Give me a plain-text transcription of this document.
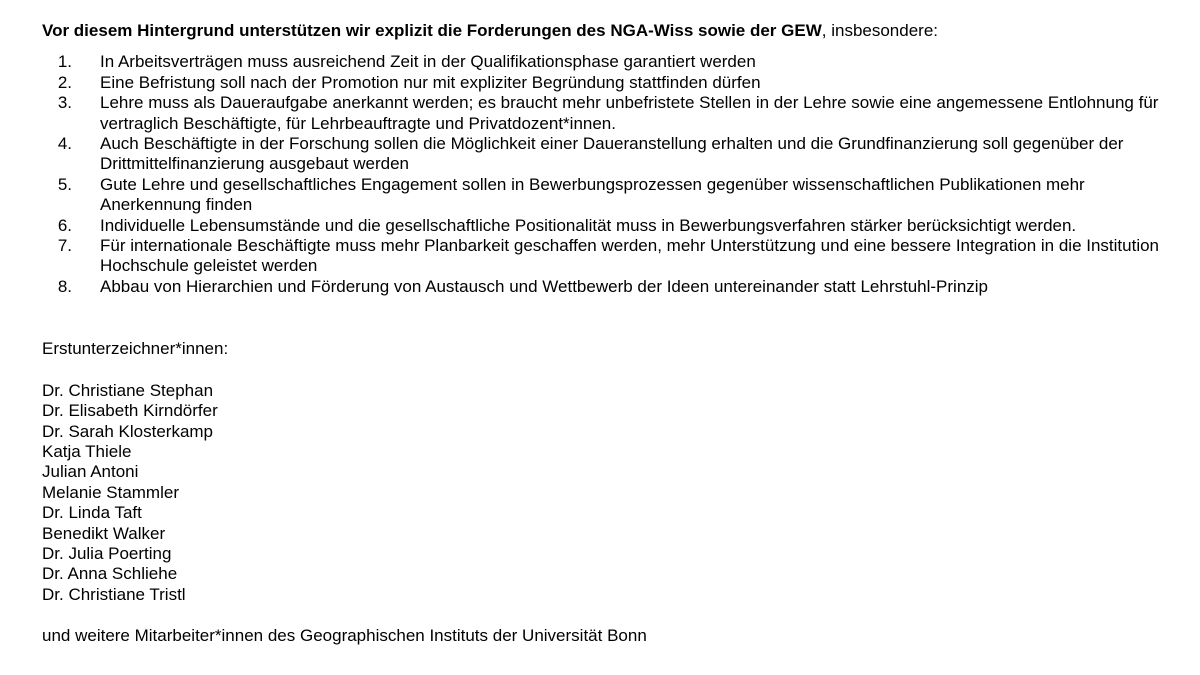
Vor diesem Hintergrund unterstützen wir explizit die Forderungen des NGA-Wiss sowie der GEW, insbesondere:

1. In Arbeitsverträgen muss ausreichend Zeit in der Qualifikationsphase garantiert werden
2. Eine Befristung soll nach der Promotion nur mit expliziter Begründung stattfinden dürfen
3. Lehre muss als Daueraufgabe anerkannt werden; es braucht mehr unbefristete Stellen in der Lehre sowie eine angemessene Entlohnung für vertraglich Beschäftigte, für Lehrbeauftragte und Privatdozent*innen.
4. Auch Beschäftigte in der Forschung sollen die Möglichkeit einer Daueranstellung erhalten und die Grundfinanzierung soll gegenüber der Drittmittelfinanzierung ausgebaut werden
5. Gute Lehre und gesellschaftliches Engagement sollen in Bewerbungsprozessen gegenüber wissenschaftlichen Publikationen mehr Anerkennung finden
6. Individuelle Lebensumstände und die gesellschaftliche Positionalität muss in Bewerbungsverfahren stärker berücksichtigt werden.
7. Für internationale Beschäftigte muss mehr Planbarkeit geschaffen werden, mehr Unterstützung und eine bessere Integration in die Institution Hochschule geleistet werden
8. Abbau von Hierarchien und Förderung von Austausch und Wettbewerb der Ideen untereinander statt Lehrstuhl-Prinzip

Erstunterzeichner*innen:

Dr. Christiane Stephan
Dr. Elisabeth Kirndörfer
Dr. Sarah Klosterkamp
Katja Thiele
Julian Antoni
Melanie Stammler
Dr. Linda Taft
Benedikt Walker
Dr. Julia Poerting
Dr. Anna Schliehe
Dr. Christiane Tristl

und weitere Mitarbeiter*innen des Geographischen Instituts der Universität Bonn
